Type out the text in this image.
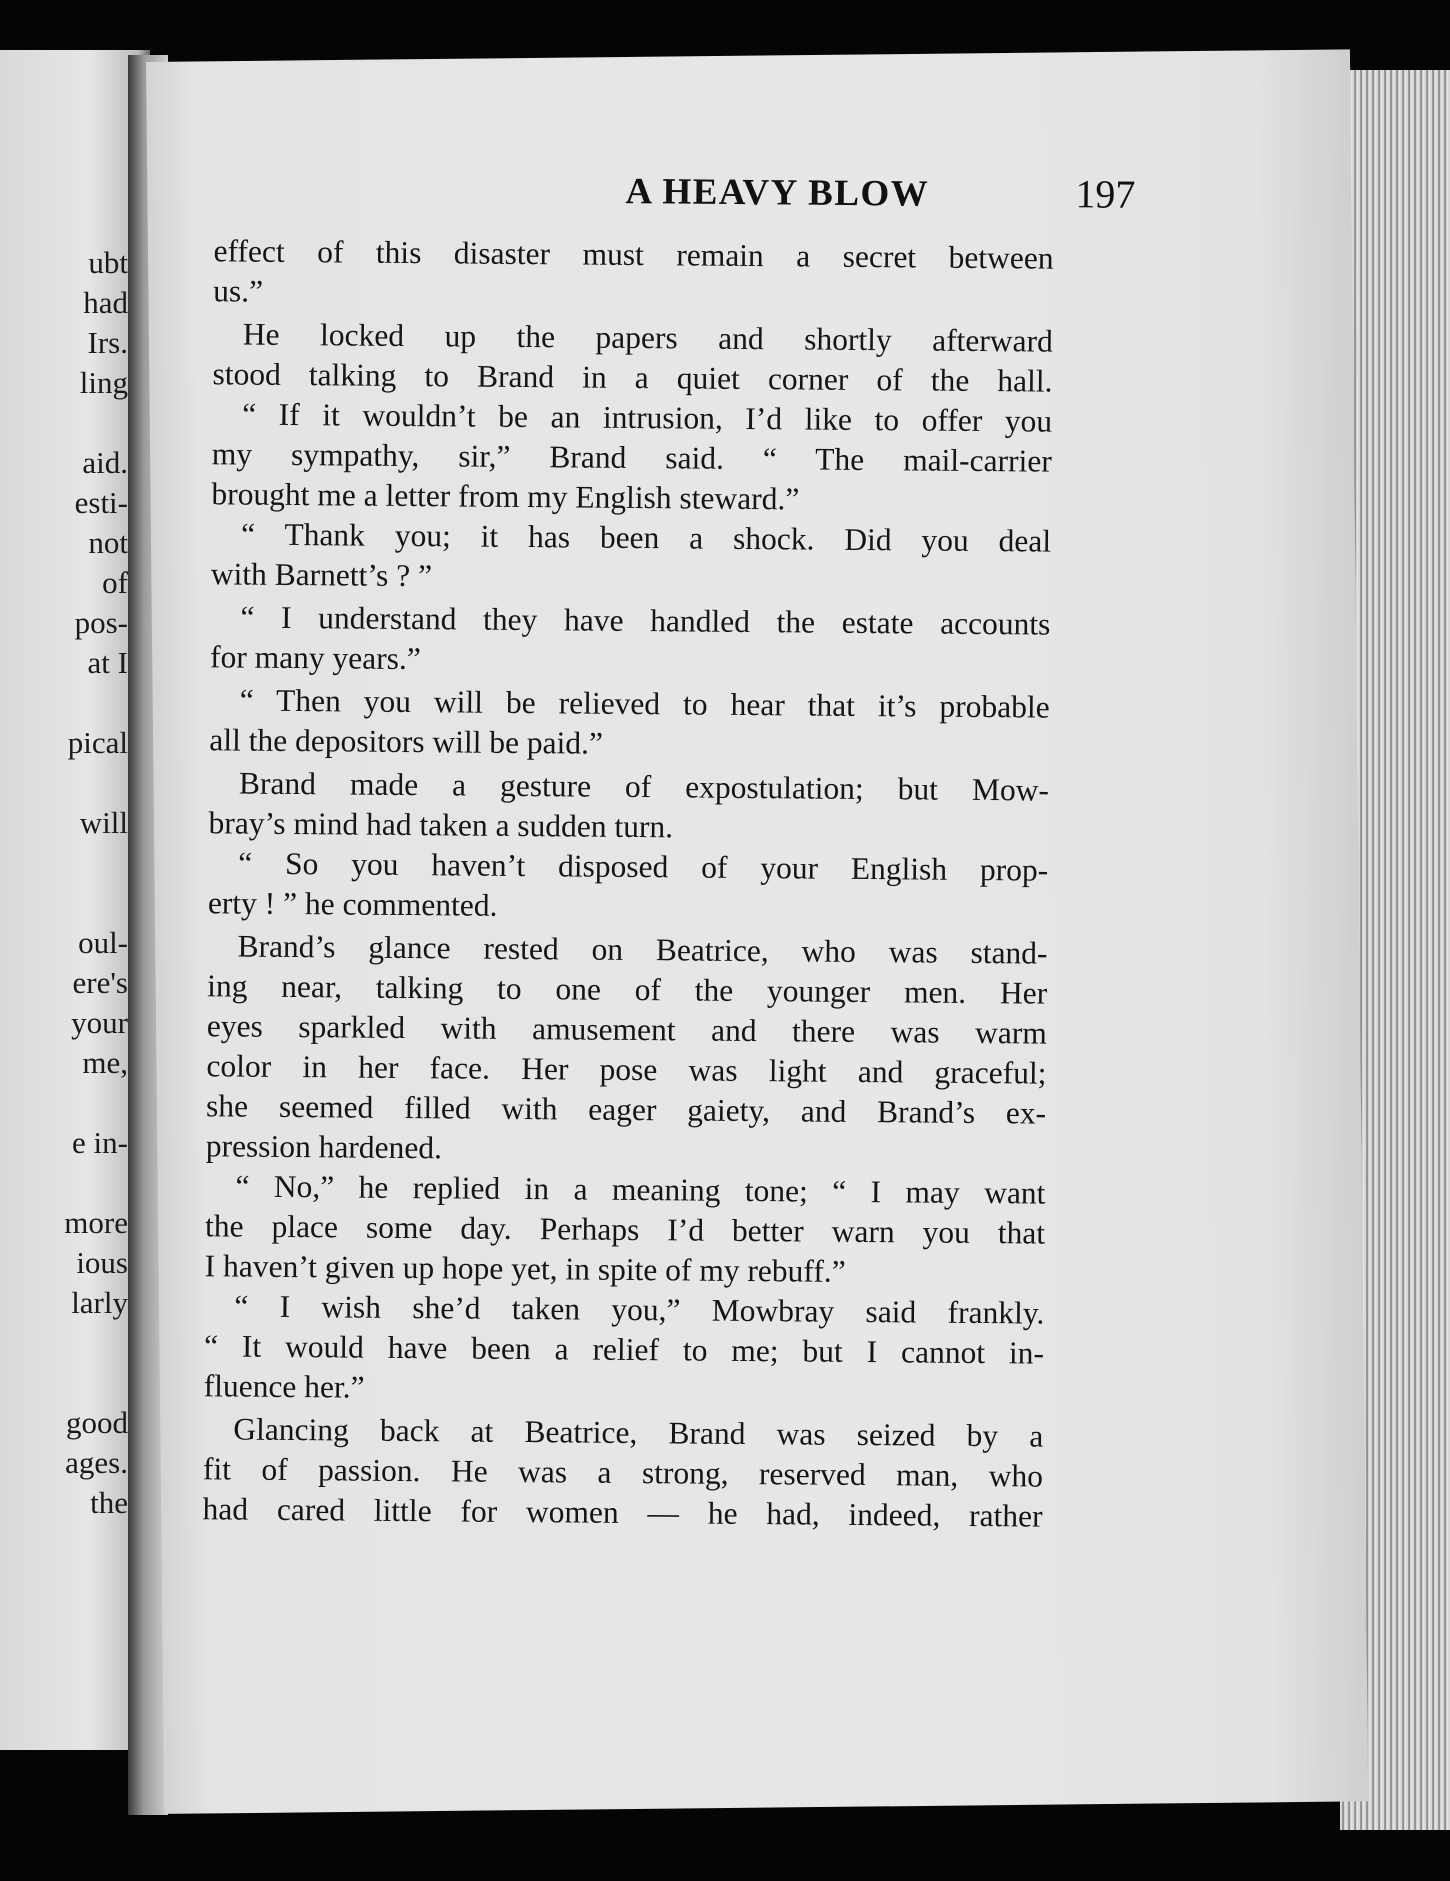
ubt
had
Irs.
ling
aid.
esti-
not
of
pos-
at I
pical
will
oul-
ere's
your
me,
e in-
more
ious
larly
good
ages.
the
A HEAVY BLOW	197
effect of this disaster must remain a secret between
us.”
He locked up the papers and shortly afterward
stood talking to Brand in a quiet corner of the hall.
“ If it wouldn’t be an intrusion, I’d like to offer you
my sympathy, sir,” Brand said. “ The mail-carrier
brought me a letter from my English steward.”
“ Thank you; it has been a shock. Did you deal
with Barnett’s ? ”
“ I understand they have handled the estate accounts
for many years.”
“ Then you will be relieved to hear that it’s probable
all the depositors will be paid.”
Brand made a gesture of expostulation; but Mow-
bray’s mind had taken a sudden turn.
“ So you haven’t disposed of your English prop-
erty ! ” he commented.
Brand’s glance rested on Beatrice, who was stand-
ing near, talking to one of the younger men. Her
eyes sparkled with amusement and there was warm
color in her face. Her pose was light and graceful;
she seemed filled with eager gaiety, and Brand’s ex-
pression hardened.
“ No,” he replied in a meaning tone; “ I may want
the place some day. Perhaps I’d better warn you that
I haven’t given up hope yet, in spite of my rebuff.”
“ I wish she’d taken you,” Mowbray said frankly.
“ It would have been a relief to me; but I cannot in-
fluence her.”
Glancing back at Beatrice, Brand was seized by a
fit of passion. He was a strong, reserved man, who
had cared little for women — he had, indeed, rather
